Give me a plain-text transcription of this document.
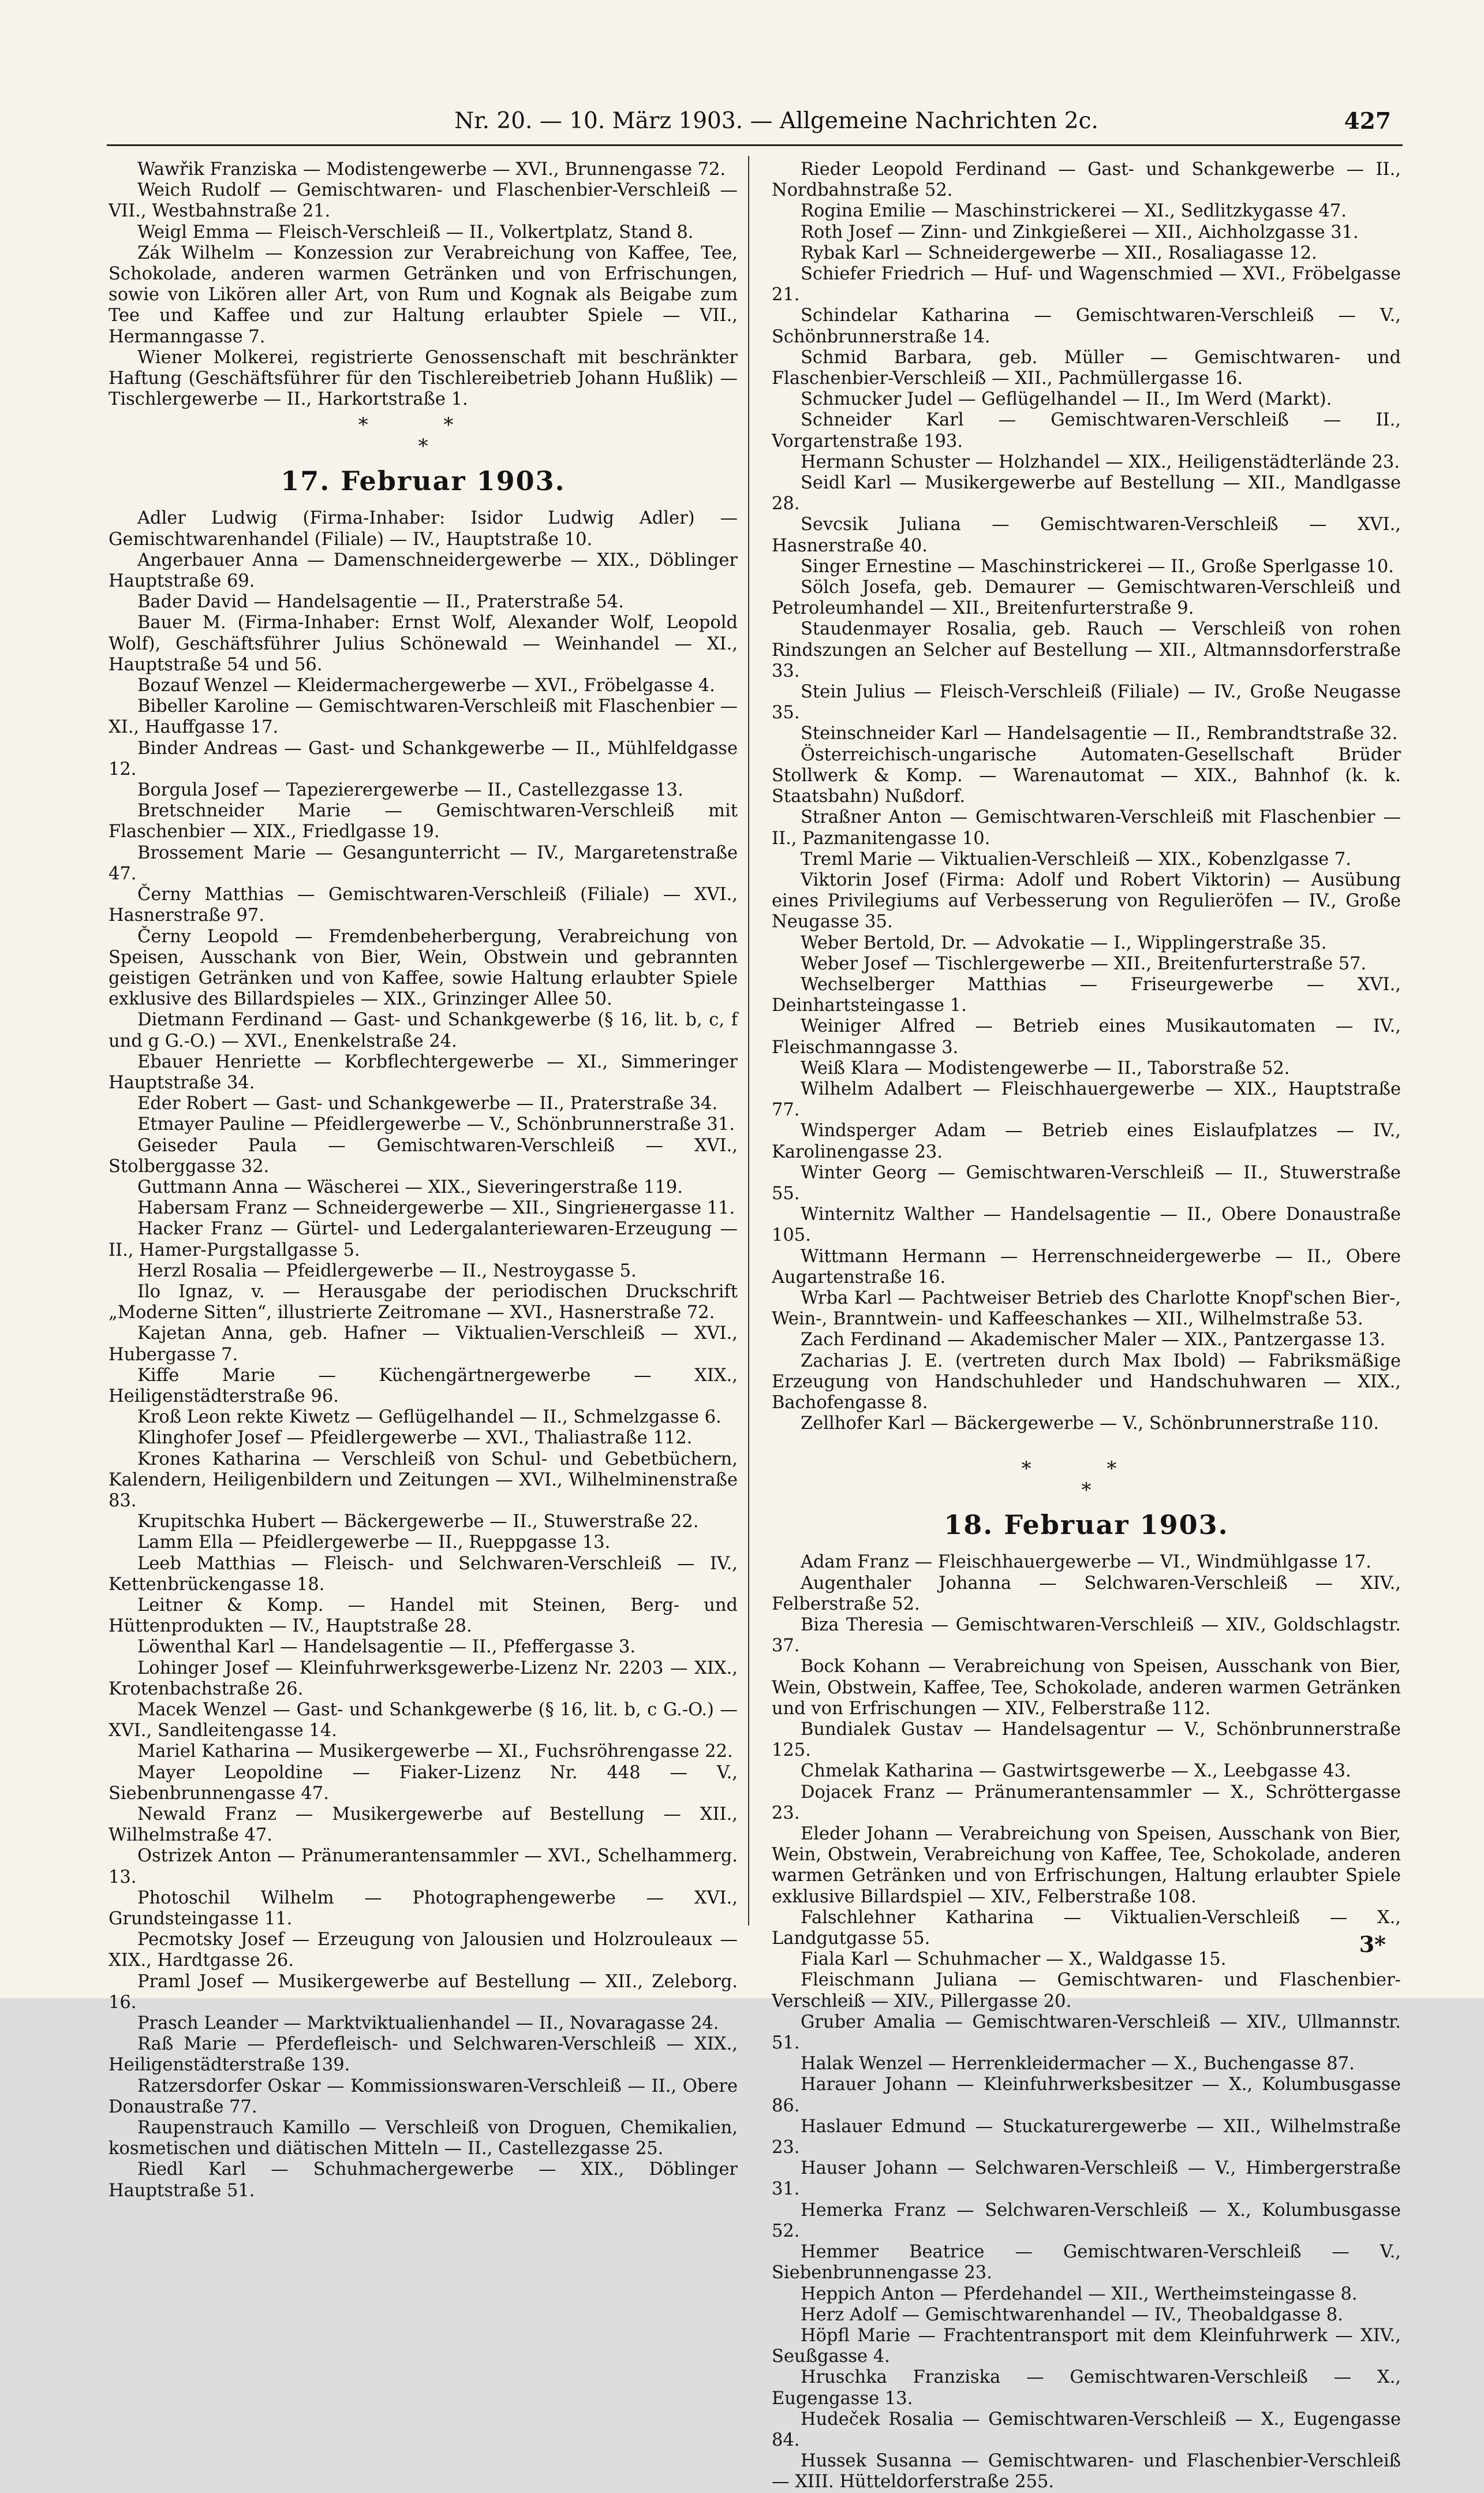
Nr. 20. — 10. März 1903. — Allgemeine Nachrichten 2c.	427

Wawřik Franziska — Modistengewerbe — XVI., Brunnengasse 72.

Weich Rudolf — Gemischtwaren- und Flaschenbier-Verschleiß — VII., Westbahnstraße 21.

Weigl Emma — Fleisch-Verschleiß — II., Volkertplatz, Stand 8.

Zák Wilhelm — Konzession zur Verabreichung von Kaffee, Tee, Schokolade, anderen warmen Getränken und von Erfrischungen, sowie von Likören aller Art, von Rum und Kognak als Beigabe zum Tee und Kaffee und zur Haltung erlaubter Spiele — VII., Hermanngasse 7.

Wiener Molkerei, registrierte Genossenschaft mit beschränkter Haftung (Geschäftsführer für den Tischlereibetrieb Johann Hußlik) — Tischlergewerbe — II., Harkortstraße 1.

* *
*
17. Februar 1903.

Adler Ludwig (Firma-Inhaber: Isidor Ludwig Adler) — Gemischtwarenhandel (Filiale) — IV., Hauptstraße 10.

Angerbauer Anna — Damenschneidergewerbe — XIX., Döblinger Hauptstraße 69.

Bader David — Handelsagentie — II., Praterstraße 54.

Bauer M. (Firma-Inhaber: Ernst Wolf, Alexander Wolf, Leopold Wolf), Geschäftsführer Julius Schönewald — Weinhandel — XI., Hauptstraße 54 und 56.

Bozauf Wenzel — Kleidermachergewerbe — XVI., Fröbelgasse 4.

Bibeller Karoline — Gemischtwaren-Verschleiß mit Flaschenbier — XI., Hauffgasse 17.

Binder Andreas — Gast- und Schankgewerbe — II., Mühlfeldgasse 12.

Borgula Josef — Tapezierergewerbe — II., Castellezgasse 13.

Bretschneider Marie — Gemischtwaren-Verschleiß mit Flaschenbier — XIX., Friedlgasse 19.

Brossement Marie — Gesangunterricht — IV., Margaretenstraße 47.

Černy Matthias — Gemischtwaren-Verschleiß (Filiale) — XVI., Hasnerstraße 97.

Černy Leopold — Fremdenbeherbergung, Verabreichung von Speisen, Ausschank von Bier, Wein, Obstwein und gebrannten geistigen Getränken und von Kaffee, sowie Haltung erlaubter Spiele exklusive des Billardspieles — XIX., Grinzinger Allee 50.

Dietmann Ferdinand — Gast- und Schankgewerbe (§ 16, lit. b, c, f und g G.-O.) — XVI., Enenkelstraße 24.

Ebauer Henriette — Korbflechtergewerbe — XI., Simmeringer Hauptstraße 34.

Eder Robert — Gast- und Schankgewerbe — II., Praterstraße 34.

Etmayer Pauline — Pfeidlergewerbe — V., Schönbrunnerstraße 31.

Geiseder Paula — Gemischtwaren-Verschleiß — XVI., Stolberggasse 32.

Guttmann Anna — Wäscherei — XIX., Sieveringerstraße 119.

Habersam Franz — Schneidergewerbe — XII., Singriенergasse 11.

Hacker Franz — Gürtel- und Ledergalanteriewaren-Erzeugung — II., Hamer-Purgstallgasse 5.

Herzl Rosalia — Pfeidlergewerbe — II., Nestroygasse 5.

Ilo Ignaz, v. — Herausgabe der periodischen Druckschrift „Moderne Sitten“, illustrierte Zeitromane — XVI., Hasnerstraße 72.

Kajetan Anna, geb. Hafner — Viktualien-Verschleiß — XVI., Hubergasse 7.

Kiffe Marie — Küchengärtnergewerbe — XIX., Heiligenstädterstraße 96.

Kroß Leon rekte Kiwetz — Geflügelhandel — II., Schmelzgasse 6.

Klinghofer Josef — Pfeidlergewerbe — XVI., Thaliastraße 112.

Krones Katharina — Verschleiß von Schul- und Gebetbüchern, Kalendern, Heiligenbildern und Zeitungen — XVI., Wilhelminenstraße 83.

Krupitschka Hubert — Bäckergewerbe — II., Stuwerstraße 22.

Lamm Ella — Pfeidlergewerbe — II., Rueppgasse 13.

Leeb Matthias — Fleisch- und Selchwaren-Verschleiß — IV., Kettenbrückengasse 18.

Leitner & Komp. — Handel mit Steinen, Berg- und Hüttenprodukten — IV., Hauptstraße 28.

Löwenthal Karl — Handelsagentie — II., Pfeffergasse 3.

Lohinger Josef — Kleinfuhrwerksgewerbe-Lizenz Nr. 2203 — XIX., Krotenbachstraße 26.

Macek Wenzel — Gast- und Schankgewerbe (§ 16, lit. b, c G.-O.) — XVI., Sandleitengasse 14.

Mariel Katharina — Musikergewerbe — XI., Fuchsröhrengasse 22.

Mayer Leopoldine — Fiaker-Lizenz Nr. 448 — V., Siebenbrunnengasse 47.

Newald Franz — Musikergewerbe auf Bestellung — XII., Wilhelmstraße 47.

Ostrizek Anton — Pränumerantensammler — XVI., Schelhammerg. 13.

Photoschil Wilhelm — Photographengewerbe — XVI., Grundsteingasse 11.

Pecmotsky Josef — Erzeugung von Jalousien und Holzrouleaux — XIX., Hardtgasse 26.

Praml Josef — Musikergewerbe auf Bestellung — XII., Zeleborg. 16.

Prasch Leander — Marktviktualienhandel — II., Novaragasse 24.

Raß Marie — Pferdefleisch- und Selchwaren-Verschleiß — XIX., Heiligenstädterstraße 139.

Ratzersdorfer Oskar — Kommissionswaren-Verschleiß — II., Obere Donaustraße 77.

Raupenstrauch Kamillo — Verschleiß von Droguen, Chemikalien, kosmetischen und diätischen Mitteln — II., Castellezgasse 25.

Riedl Karl — Schuhmachergewerbe — XIX., Döblinger Hauptstraße 51.

Rieder Leopold Ferdinand — Gast- und Schankgewerbe — II., Nordbahnstraße 52.

Rogina Emilie — Maschinstrickerei — XI., Sedlitzkygasse 47.

Roth Josef — Zinn- und Zinkgießerei — XII., Aichholzgasse 31.

Rybak Karl — Schneidergewerbe — XII., Rosaliagasse 12.

Schiefer Friedrich — Huf- und Wagenschmied — XVI., Fröbelgasse 21.

Schindelar Katharina — Gemischtwaren-Verschleiß — V., Schönbrunnerstraße 14.

Schmid Barbara, geb. Müller — Gemischtwaren- und Flaschenbier-Verschleiß — XII., Pachmüllergasse 16.

Schmucker Judel — Geflügelhandel — II., Im Werd (Markt).

Schneider Karl — Gemischtwaren-Verschleiß — II., Vorgartenstraße 193.

Hermann Schuster — Holzhandel — XIX., Heiligenstädterlände 23.

Seidl Karl — Musikergewerbe auf Bestellung — XII., Mandlgasse 28.

Sevcsik Juliana — Gemischtwaren-Verschleiß — XVI., Hasnerstraße 40.

Singer Ernestine — Maschinstrickerei — II., Große Sperlgasse 10.

Sölch Josefa, geb. Demaurer — Gemischtwaren-Verschleiß und Petroleumhandel — XII., Breitenfurterstraße 9.

Staudenmayer Rosalia, geb. Rauch — Verschleiß von rohen Rindszungen an Selcher auf Bestellung — XII., Altmannsdorferstraße 33.

Stein Julius — Fleisch-Verschleiß (Filiale) — IV., Große Neugasse 35.

Steinschneider Karl — Handelsagentie — II., Rembrandtstraße 32.

Österreichisch-ungarische Automaten-Gesellschaft Brüder Stollwerk & Komp. — Warenautomat — XIX., Bahnhof (k. k. Staatsbahn) Nußdorf.

Straßner Anton — Gemischtwaren-Verschleiß mit Flaschenbier — II., Pazmanitengasse 10.

Treml Marie — Viktualien-Verschleiß — XIX., Kobenzlgasse 7.

Viktorin Josef (Firma: Adolf und Robert Viktorin) — Ausübung eines Privilegiums auf Verbesserung von Regulieröfen — IV., Große Neugasse 35.

Weber Bertold, Dr. — Advokatie — I., Wipplingerstraße 35.

Weber Josef — Tischlergewerbe — XII., Breitenfurterstraße 57.

Wechselberger Matthias — Friseurgewerbe — XVI., Deinhartsteingasse 1.

Weiniger Alfred — Betrieb eines Musikautomaten — IV., Fleischmanngasse 3.

Weiß Klara — Modistengewerbe — II., Taborstraße 52.

Wilhelm Adalbert — Fleischhauergewerbe — XIX., Hauptstraße 77.

Windsperger Adam — Betrieb eines Eislaufplatzes — IV., Karolinengasse 23.

Winter Georg — Gemischtwaren-Verschleiß — II., Stuwerstraße 55.

Winternitz Walther — Handelsagentie — II., Obere Donaustraße 105.

Wittmann Hermann — Herrenschneidergewerbe — II., Obere Augartenstraße 16.

Wrba Karl — Pachtweiser Betrieb des Charlotte Knopf'schen Bier-, Wein-, Branntwein- und Kaffeeschankes — XII., Wilhelmstraße 53.

Zach Ferdinand — Akademischer Maler — XIX., Pantzergasse 13.

Zacharias J. E. (vertreten durch Max Ibold) — Fabriksmäßige Erzeugung von Handschuhleder und Handschuhwaren — XIX., Bachofengasse 8.

Zellhofer Karl — Bäckergewerbe — V., Schönbrunnerstraße 110.

* *
*
18. Februar 1903.

Adam Franz — Fleischhauergewerbe — VI., Windmühlgasse 17.

Augenthaler Johanna — Selchwaren-Verschleiß — XIV., Felberstraße 52.

Biza Theresia — Gemischtwaren-Verschleiß — XIV., Goldschlagstr. 37.

Bock Kohann — Verabreichung von Speisen, Ausschank von Bier, Wein, Obstwein, Kaffee, Tee, Schokolade, anderen warmen Getränken und von Erfrischungen — XIV., Felberstraße 112.

Bundialek Gustav — Handelsagentur — V., Schönbrunnerstraße 125.

Chmelak Katharina — Gastwirtsgewerbe — X., Leebgasse 43.

Dojacek Franz — Pränumerantensammler — X., Schröttergasse 23.

Eleder Johann — Verabreichung von Speisen, Ausschank von Bier, Wein, Obstwein, Verabreichung von Kaffee, Tee, Schokolade, anderen warmen Getränken und von Erfrischungen, Haltung erlaubter Spiele exklusive Billardspiel — XIV., Felberstraße 108.

Falschlehner Katharina — Viktualien-Verschleiß — X., Landgutgasse 55.

Fiala Karl — Schuhmacher — X., Waldgasse 15.

Fleischmann Juliana — Gemischtwaren- und Flaschenbier-Verschleiß — XIV., Pillergasse 20.

Gruber Amalia — Gemischtwaren-Verschleiß — XIV., Ullmannstr. 51.

Halak Wenzel — Herrenkleidermacher — X., Buchengasse 87.

Harauer Johann — Kleinfuhrwerksbesitzer — X., Kolumbusgasse 86.

Haslauer Edmund — Stuckaturergewerbe — XII., Wilhelmstraße 23.

Hauser Johann — Selchwaren-Verschleiß — V., Himbergerstraße 31.

Hemerka Franz — Selchwaren-Verschleiß — X., Kolumbusgasse 52.

Hemmer Beatrice — Gemischtwaren-Verschleiß — V., Siebenbrunnengasse 23.

Heppich Anton — Pferdehandel — XII., Wertheimsteingasse 8.

Herz Adolf — Gemischtwarenhandel — IV., Theobaldgasse 8.

Höpfl Marie — Frachtentransport mit dem Kleinfuhrwerk — XIV., Seußgasse 4.

Hruschka Franziska — Gemischtwaren-Verschleiß — X., Eugengasse 13.

Hudeček Rosalia — Gemischtwaren-Verschleiß — X., Eugengasse 84.

Hussek Susanna — Gemischtwaren- und Flaschenbier-Verschleiß — XIII. Hütteldorferstraße 255.

3*
